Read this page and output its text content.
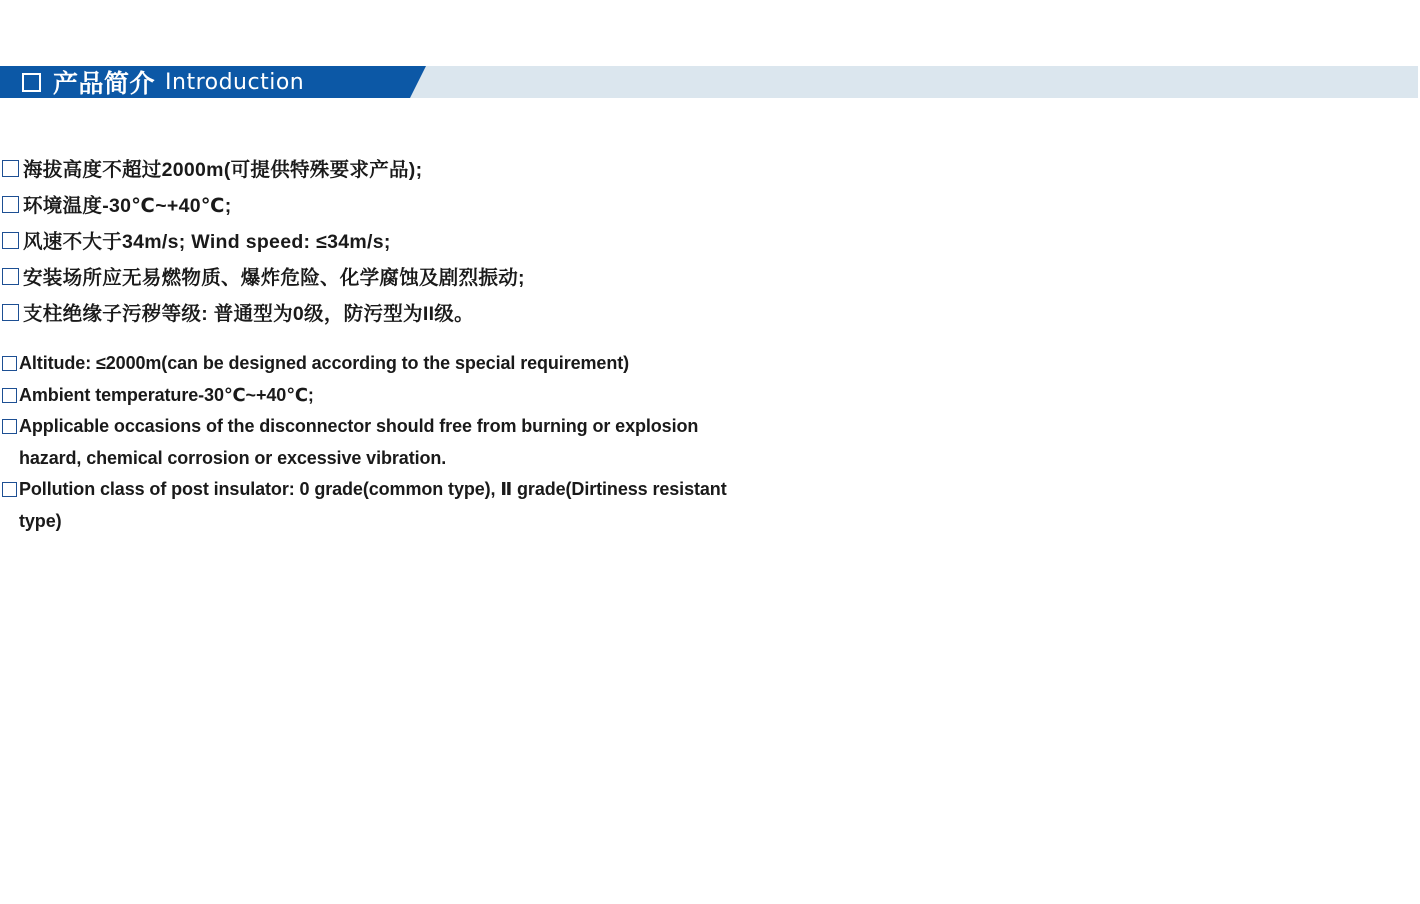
产品简介 Introduction
海拔高度不超过2000m(可提供特殊要求产品);
环境温度-30℃~+40℃;
风速不大于34m/s; Wind speed: ≤34m/s;
安装场所应无易燃物质、爆炸危险、化学腐蚀及剧烈振动;
支柱绝缘子污秽等级: 普通型为0级，防污型为II级。
Altitude: ≤2000m(can be designed according to the special requirement)
Ambient temperature-30℃~+40℃;
Applicable occasions of the disconnector should free from burning or explosion hazard, chemical corrosion or excessive vibration.
Pollution class of post insulator: 0 grade(common type), Ⅱ grade(Dirtiness resistant type)
